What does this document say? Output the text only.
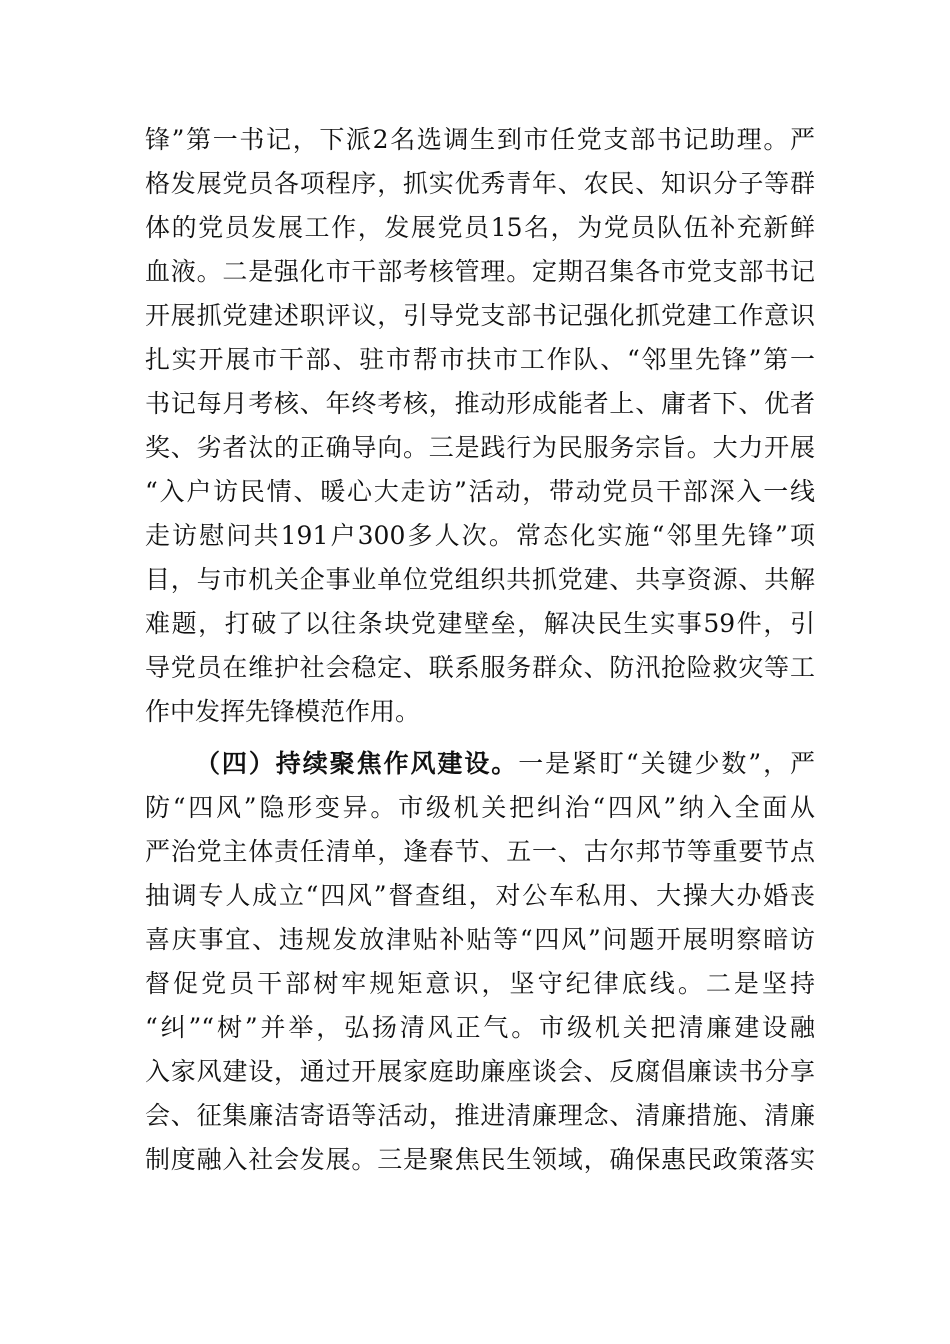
锋”第一书记，下派2名选调生到市任党支部书记助理。严
格发展党员各项程序，抓实优秀青年、农民、知识分子等群
体的党员发展工作，发展党员15名，为党员队伍补充新鲜
血液。二是强化市干部考核管理。定期召集各市党支部书记
开展抓党建述职评议，引导党支部书记强化抓党建工作意识
扎实开展市干部、驻市帮市扶市工作队、“邻里先锋”第一
书记每月考核、年终考核，推动形成能者上、庸者下、优者
奖、劣者汰的正确导向。三是践行为民服务宗旨。大力开展
“入户访民情、暖心大走访”活动，带动党员干部深入一线
走访慰问共191户300多人次。常态化实施“邻里先锋”项
目，与市机关企事业单位党组织共抓党建、共享资源、共解
难题，打破了以往条块党建壁垒，解决民生实事59件，引
导党员在维护社会稳定、联系服务群众、防汛抢险救灾等工
作中发挥先锋模范作用。
（四）持续聚焦作风建设。一是紧盯“关键少数”，严
防“四风”隐形变异。市级机关把纠治“四风”纳入全面从
严治党主体责任清单，逢春节、五一、古尔邦节等重要节点
抽调专人成立“四风”督查组，对公车私用、大操大办婚丧
喜庆事宜、违规发放津贴补贴等“四风”问题开展明察暗访
督促党员干部树牢规矩意识，坚守纪律底线。二是坚持
“纠”“树”并举，弘扬清风正气。市级机关把清廉建设融
入家风建设，通过开展家庭助廉座谈会、反腐倡廉读书分享
会、征集廉洁寄语等活动，推进清廉理念、清廉措施、清廉
制度融入社会发展。三是聚焦民生领域，确保惠民政策落实
